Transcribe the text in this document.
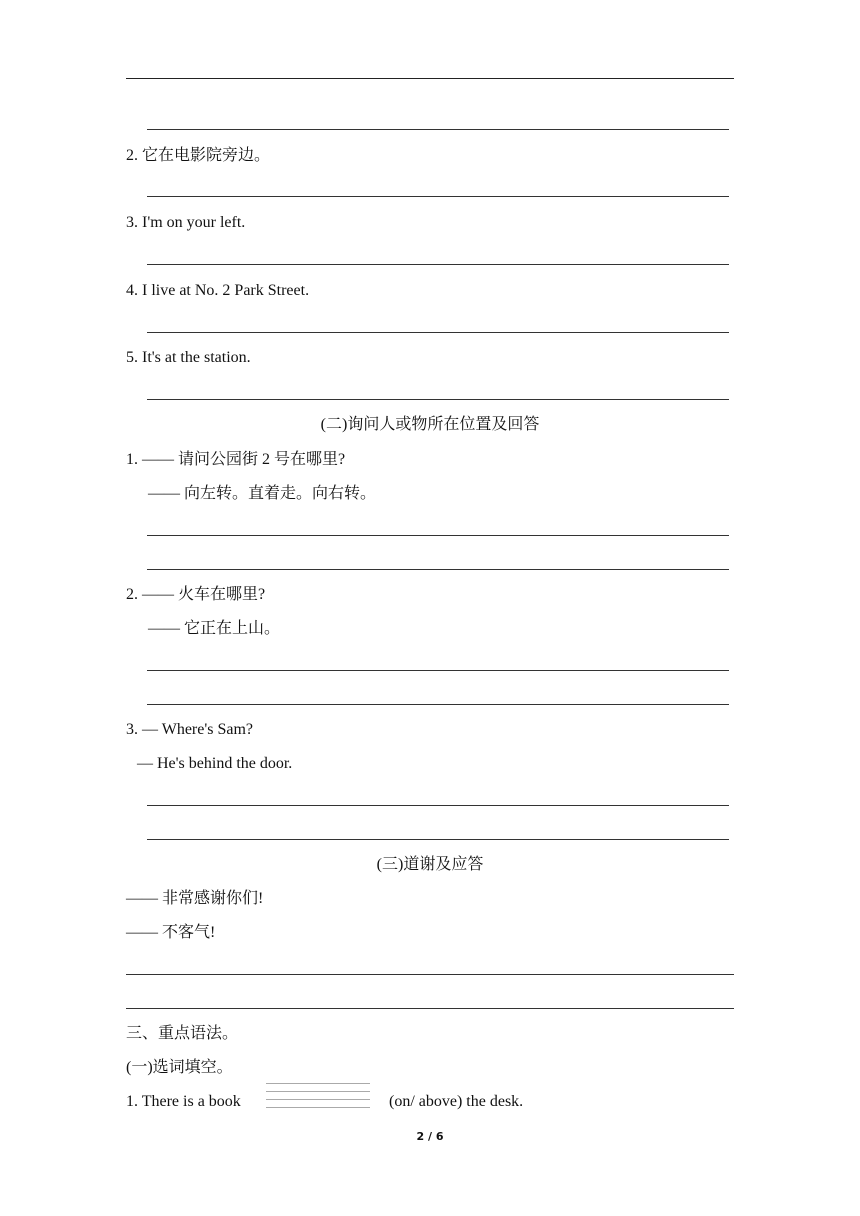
2. 它在电影院旁边。
3. I'm on your left.
4. I live at No. 2 Park Street.
5. It's at the station.
(二)询问人或物所在位置及回答
1. —— 请问公园街 2 号在哪里?
—— 向左转。直着走。向右转。
2. —— 火车在哪里?
—— 它正在上山。
3. — Where's Sam?
— He's behind the door.
(三)道谢及应答
—— 非常感谢你们!
—— 不客气!
三、重点语法。
(一)选词填空。
1. There is a book	(on/ above) the desk.
2 / 6
